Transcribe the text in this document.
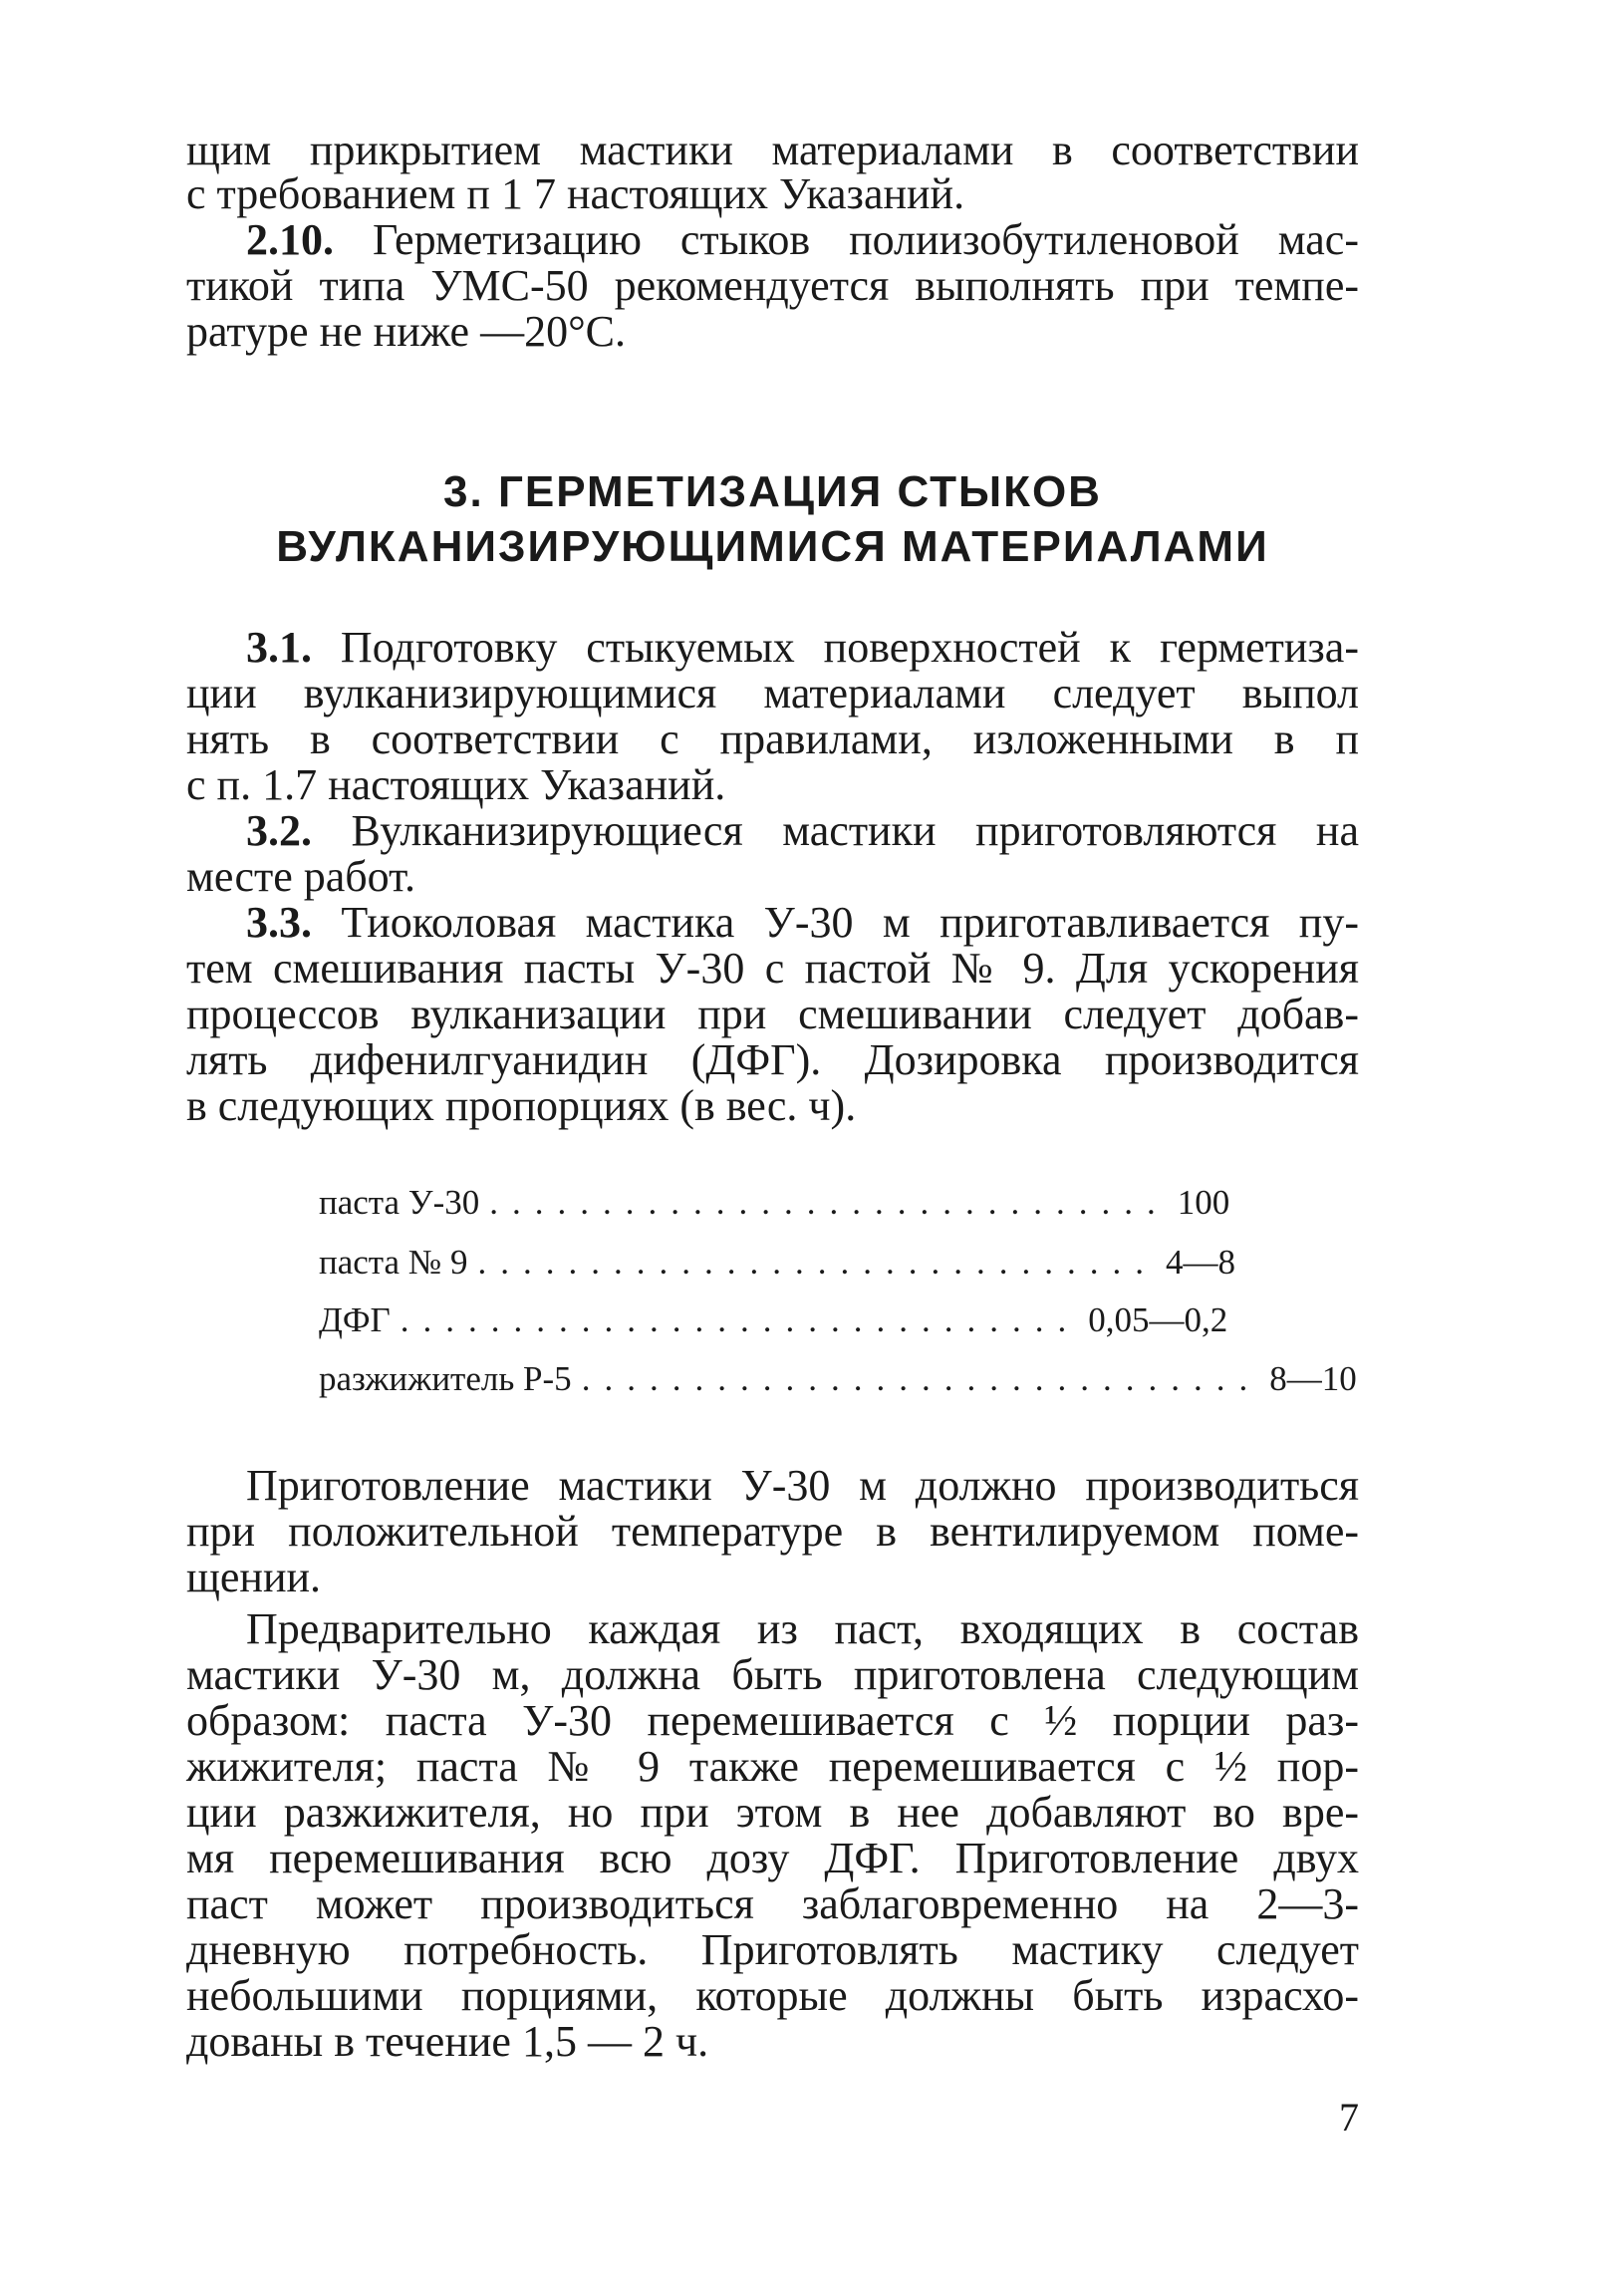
щим прикрытием мастики материалами в соответствии
с требованием п 1 7 настоящих Указаний.
2.10. Герметизацию стыков полиизобутиленовой мас-
тикой типа УМС-50 рекомендуется выполнять при темпе-
ратуре не ниже —20°С.
3. ГЕРМЕТИЗАЦИЯ СТЫКОВ
ВУЛКАНИЗИРУЮЩИМИСЯ МАТЕРИАЛАМИ
3.1. Подготовку стыкуемых поверхностей к герметиза-
ции вулканизирующимися материалами следует выпол
нять в соответствии с правилами, изложенными в п
с п. 1.7 настоящих Указаний.
3.2. Вулканизирующиеся мастики приготовляются на
месте работ.
3.3. Тиоколовая мастика У-30 м приготавливается пу-
тем смешивания пасты У-30 с пастой № 9. Для ускорения
процессов вулканизации при смешивании следует добав-
лять дифенилгуанидин (ДФГ). Дозировка производится
в следующих пропорциях (в вес. ч).
паста У-30 .............................. 100
паста № 9 .............................. 4—8
ДФГ .............................. 0,05—0,2
разжижитель Р-5 .............................. 8—10
Приготовление мастики У-30 м должно производиться
при положительной температуре в вентилируемом поме-
щении.
Предварительно каждая из паст, входящих в состав
мастики У-30 м, должна быть приготовлена следующим
образом: паста У-30 перемешивается с ½ порции раз-
жижителя; паста № 9 также перемешивается с ½ пор-
ции разжижителя, но при этом в нее добавляют во вре-
мя перемешивания всю дозу ДФГ. Приготовление двух
паст может производиться заблаговременно на 2—3-
дневную потребность. Приготовлять мастику следует
небольшими порциями, которые должны быть израсхо-
дованы в течение 1,5 — 2 ч.
7
